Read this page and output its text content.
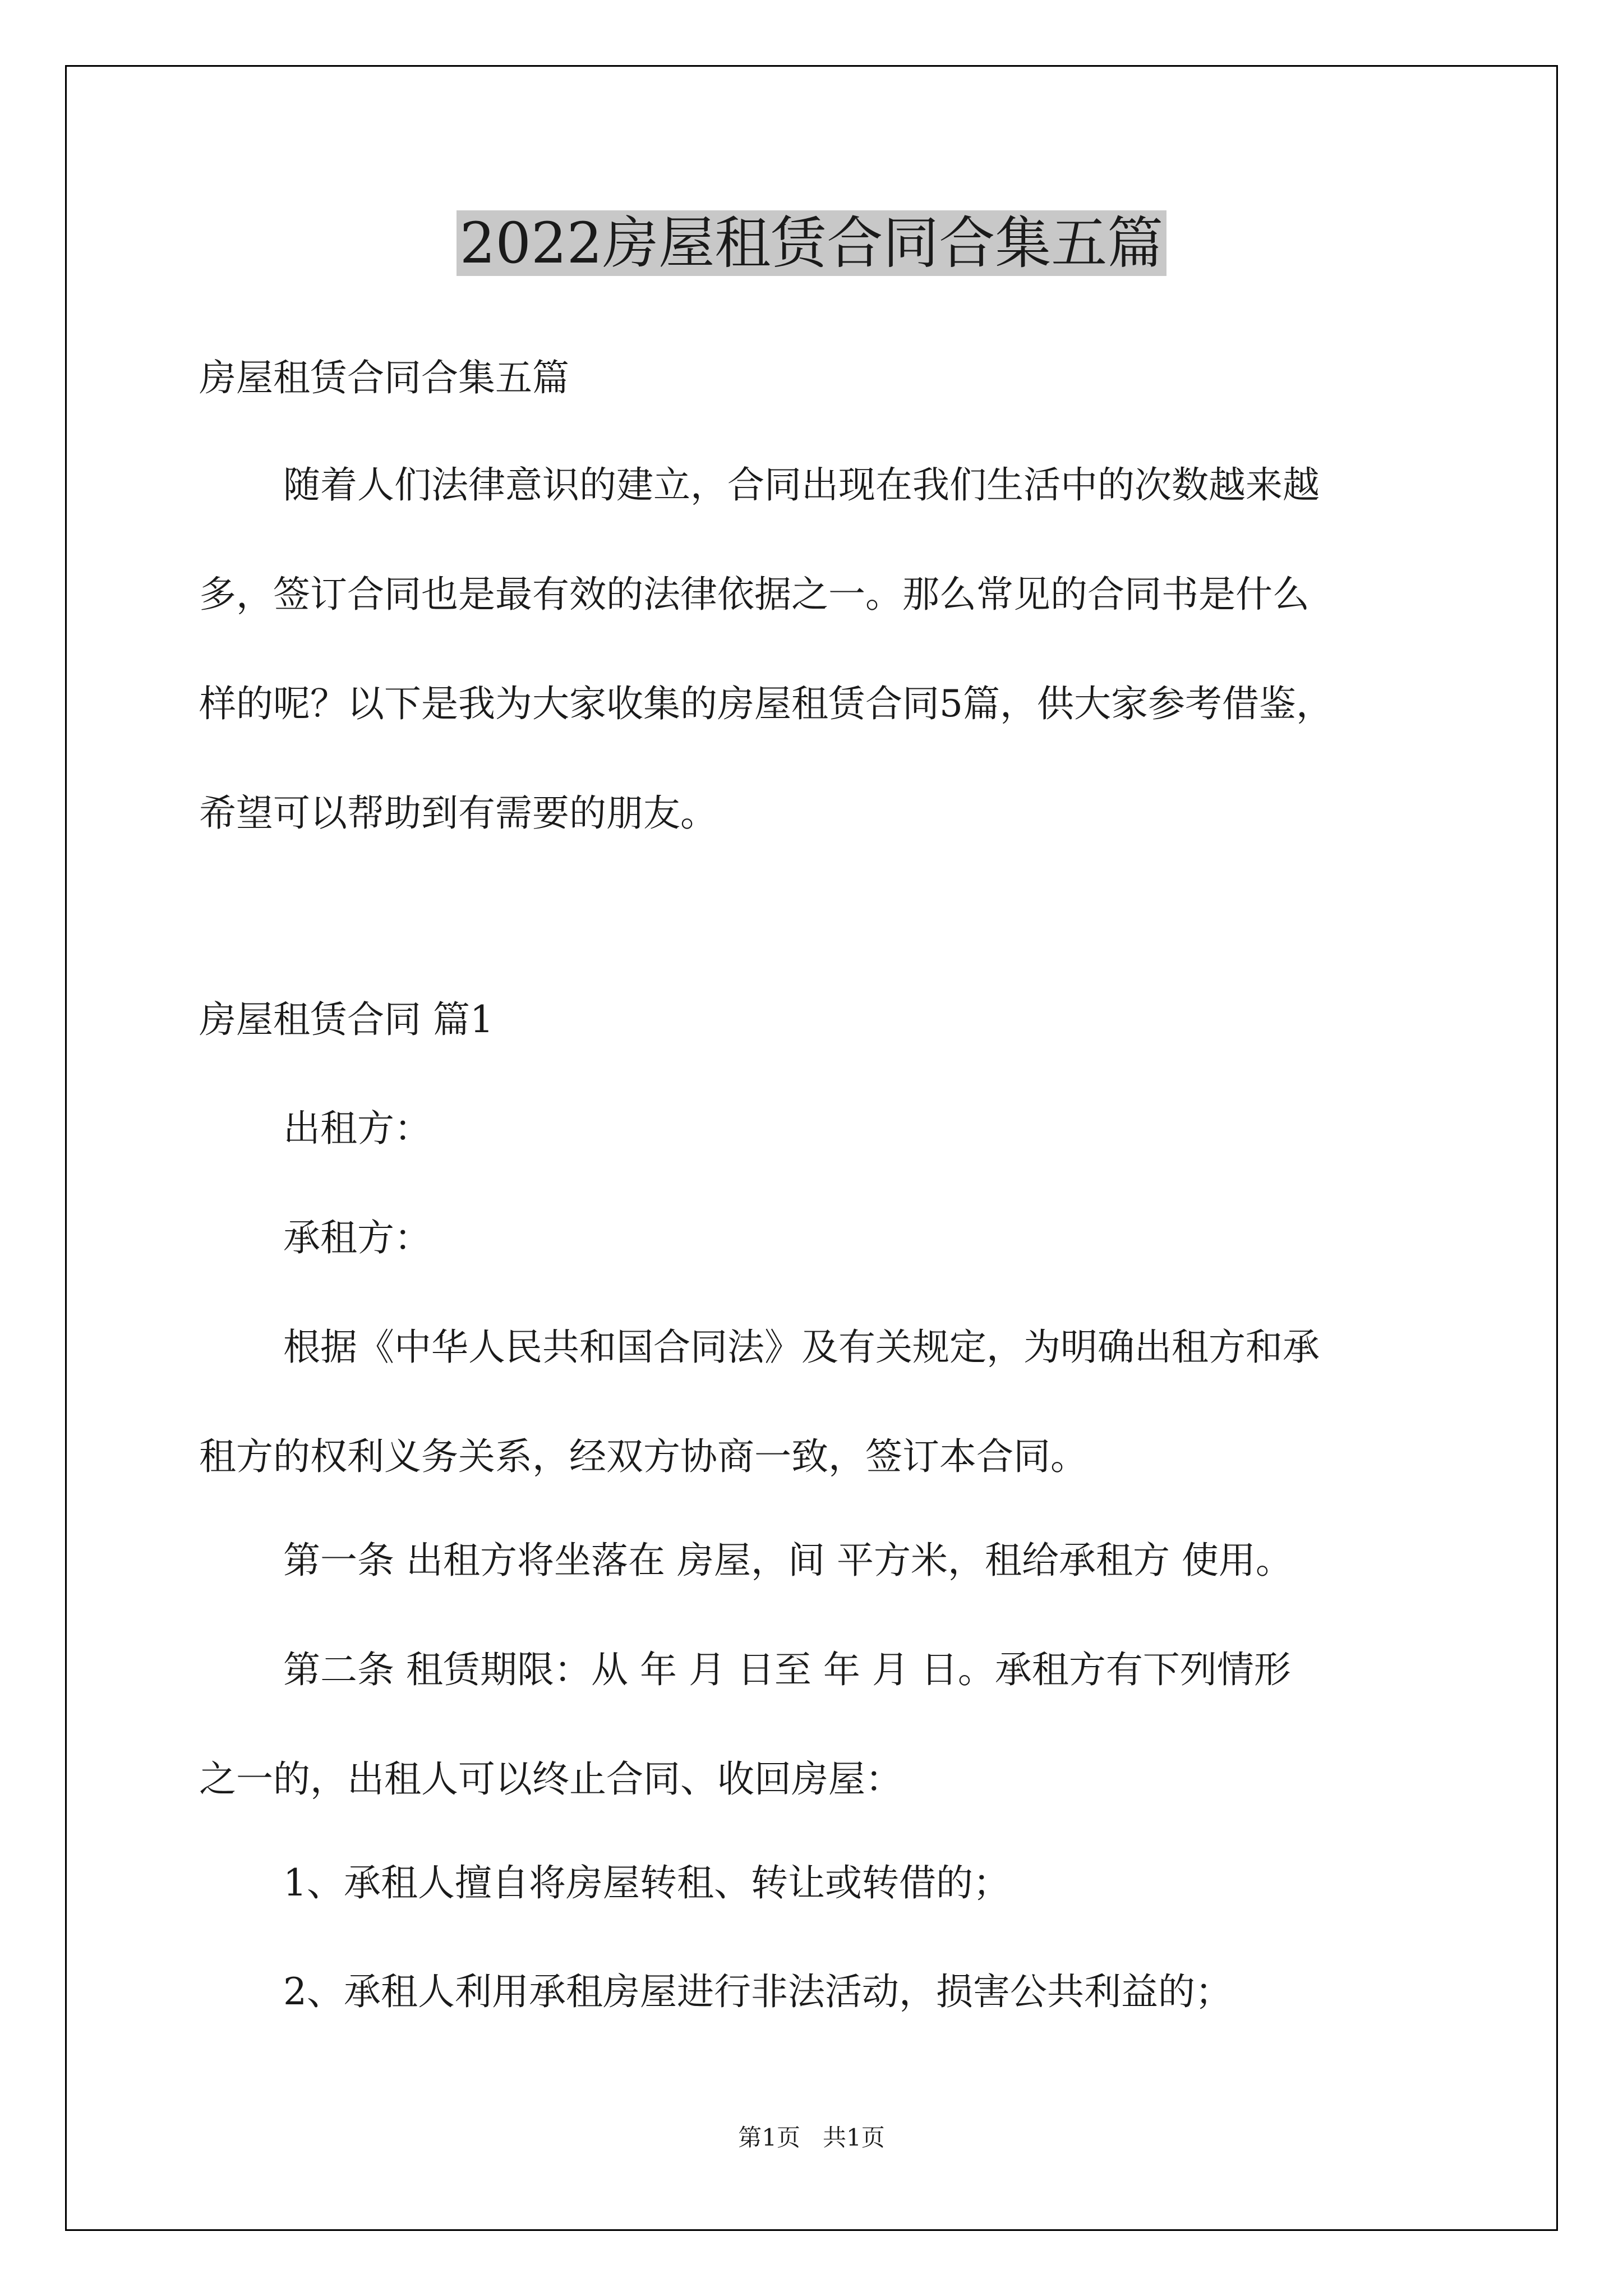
2022房屋租赁合同合集五篇

房屋租赁合同合集五篇

随着人们法律意识的建立，合同出现在我们生活中的次数越来越

多，签订合同也是最有效的法律依据之一。那么常见的合同书是什么

样的呢？以下是我为大家收集的房屋租赁合同5篇，供大家参考借鉴，

希望可以帮助到有需要的朋友。

房屋租赁合同 篇1

出租方：

承租方：

根据《中华人民共和国合同法》及有关规定，为明确出租方和承

租方的权利义务关系，经双方协商一致，签订本合同。

第一条 出租方将坐落在 房屋，间 平方米，租给承租方 使用。

第二条 租赁期限：从 年 月 日至 年 月 日。承租方有下列情形

之一的，出租人可以终止合同、收回房屋：

1、承租人擅自将房屋转租、转让或转借的；

2、承租人利用承租房屋进行非法活动，损害公共利益的；

第1页   共1页
